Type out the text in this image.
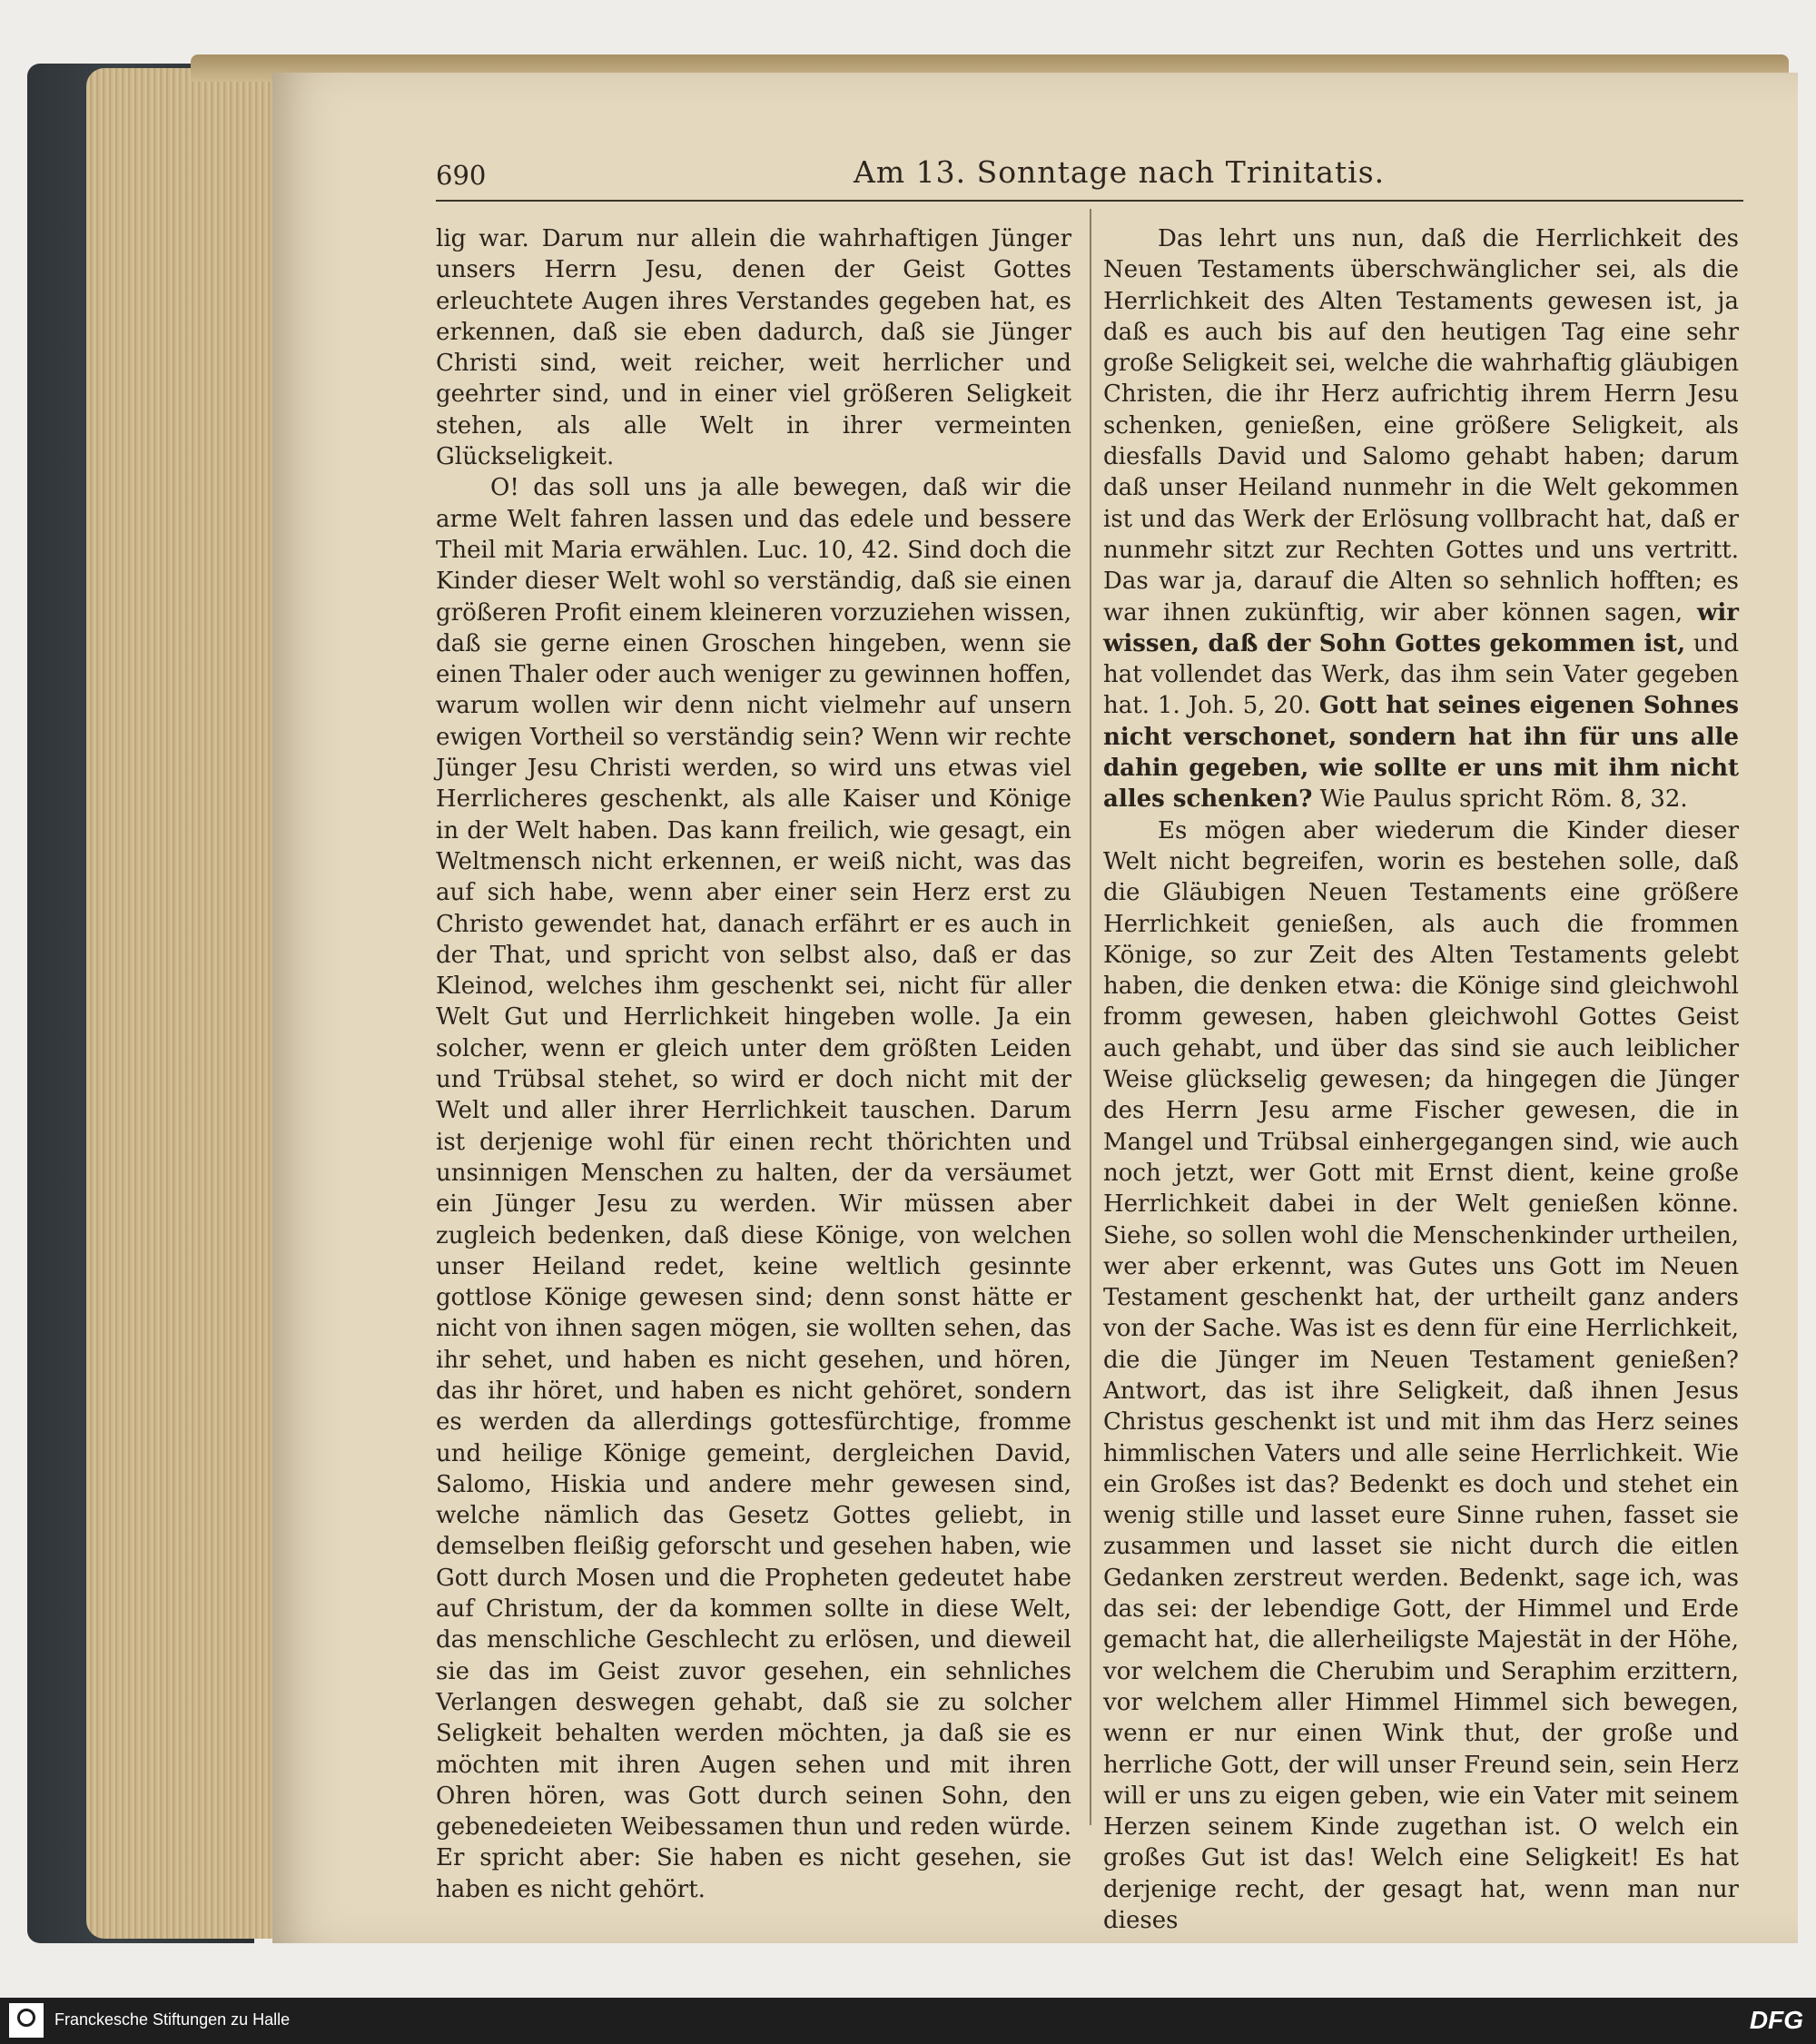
690	Am 13. Sonntage nach Trinitatis.

lig war. Darum nur allein die wahrhaftigen Jünger unsers Herrn Jesu, denen der Geist Gottes erleuchtete Augen ihres Verstandes gegeben hat, es erkennen, daß sie eben dadurch, daß sie Jünger Christi sind, weit reicher, weit herrlicher und geehrter sind, und in einer viel größeren Seligkeit stehen, als alle Welt in ihrer vermeinten Glückseligkeit.

O! das soll uns ja alle bewegen, daß wir die arme Welt fahren lassen und das edele und bessere Theil mit Maria erwählen. Luc. 10, 42. Sind doch die Kinder dieser Welt wohl so verständig, daß sie einen größeren Profit einem kleineren vorzuziehen wissen, daß sie gerne einen Groschen hingeben, wenn sie einen Thaler oder auch weniger zu gewinnen hoffen, warum wollen wir denn nicht vielmehr auf unsern ewigen Vortheil so verständig sein? Wenn wir rechte Jünger Jesu Christi werden, so wird uns etwas viel Herrlicheres geschenkt, als alle Kaiser und Könige in der Welt haben. Das kann freilich, wie gesagt, ein Weltmensch nicht erkennen, er weiß nicht, was das auf sich habe, wenn aber einer sein Herz erst zu Christo gewendet hat, danach erfährt er es auch in der That, und spricht von selbst also, daß er das Kleinod, welches ihm geschenkt sei, nicht für aller Welt Gut und Herrlichkeit hingeben wolle. Ja ein solcher, wenn er gleich unter dem größten Leiden und Trübsal stehet, so wird er doch nicht mit der Welt und aller ihrer Herrlichkeit tauschen. Darum ist derjenige wohl für einen recht thörichten und unsinnigen Menschen zu halten, der da versäumet ein Jünger Jesu zu werden. Wir müssen aber zugleich bedenken, daß diese Könige, von welchen unser Heiland redet, keine weltlich gesinnte gottlose Könige gewesen sind; denn sonst hätte er nicht von ihnen sagen mögen, sie wollten sehen, das ihr sehet, und haben es nicht gesehen, und hören, das ihr höret, und haben es nicht gehöret, sondern es werden da allerdings gottesfürchtige, fromme und heilige Könige gemeint, dergleichen David, Salomo, Hiskia und andere mehr gewesen sind, welche nämlich das Gesetz Gottes geliebt, in demselben fleißig geforscht und gesehen haben, wie Gott durch Mosen und die Propheten gedeutet habe auf Christum, der da kommen sollte in diese Welt, das menschliche Geschlecht zu erlösen, und dieweil sie das im Geist zuvor gesehen, ein sehnliches Verlangen deswegen gehabt, daß sie zu solcher Seligkeit behalten werden möchten, ja daß sie es möchten mit ihren Augen sehen und mit ihren Ohren hören, was Gott durch seinen Sohn, den gebenedeieten Weibessamen thun und reden würde. Er spricht aber: Sie haben es nicht gesehen, sie haben es nicht gehört.

Das lehrt uns nun, daß die Herrlichkeit des Neuen Testaments überschwänglicher sei, als die Herrlichkeit des Alten Testaments gewesen ist, ja daß es auch bis auf den heutigen Tag eine sehr große Seligkeit sei, welche die wahrhaftig gläubigen Christen, die ihr Herz aufrichtig ihrem Herrn Jesu schenken, genießen, eine größere Seligkeit, als diesfalls David und Salomo gehabt haben; darum daß unser Heiland nunmehr in die Welt gekommen ist und das Werk der Erlösung vollbracht hat, daß er nunmehr sitzt zur Rechten Gottes und uns vertritt. Das war ja, darauf die Alten so sehnlich hofften; es war ihnen zukünftig, wir aber können sagen, wir wissen, daß der Sohn Gottes gekommen ist, und hat vollendet das Werk, das ihm sein Vater gegeben hat. 1. Joh. 5, 20. Gott hat seines eigenen Sohnes nicht verschonet, sondern hat ihn für uns alle dahin gegeben, wie sollte er uns mit ihm nicht alles schenken? Wie Paulus spricht Röm. 8, 32.

Es mögen aber wiederum die Kinder dieser Welt nicht begreifen, worin es bestehen solle, daß die Gläubigen Neuen Testaments eine größere Herrlichkeit genießen, als auch die frommen Könige, so zur Zeit des Alten Testaments gelebt haben, die denken etwa: die Könige sind gleichwohl fromm gewesen, haben gleichwohl Gottes Geist auch gehabt, und über das sind sie auch leiblicher Weise glückselig gewesen; da hingegen die Jünger des Herrn Jesu arme Fischer gewesen, die in Mangel und Trübsal einhergegangen sind, wie auch noch jetzt, wer Gott mit Ernst dient, keine große Herrlichkeit dabei in der Welt genießen könne. Siehe, so sollen wohl die Menschenkinder urtheilen, wer aber erkennt, was Gutes uns Gott im Neuen Testament geschenkt hat, der urtheilt ganz anders von der Sache. Was ist es denn für eine Herrlichkeit, die die Jünger im Neuen Testament genießen? Antwort, das ist ihre Seligkeit, daß ihnen Jesus Christus geschenkt ist und mit ihm das Herz seines himmlischen Vaters und alle seine Herrlichkeit. Wie ein Großes ist das? Bedenkt es doch und stehet ein wenig stille und lasset eure Sinne ruhen, fasset sie zusammen und lasset sie nicht durch die eitlen Gedanken zerstreut werden. Bedenkt, sage ich, was das sei: der lebendige Gott, der Himmel und Erde gemacht hat, die allerheiligste Majestät in der Höhe, vor welchem die Cherubim und Seraphim erzittern, vor welchem aller Himmel Himmel sich bewegen, wenn er nur einen Wink thut, der große und herrliche Gott, der will unser Freund sein, sein Herz will er uns zu eigen geben, wie ein Vater mit seinem Herzen seinem Kinde zugethan ist. O welch ein großes Gut ist das! Welch eine Seligkeit! Es hat derjenige recht, der gesagt hat, wenn man nur dieses

Franckesche Stiftungen zu Halle	DFG
